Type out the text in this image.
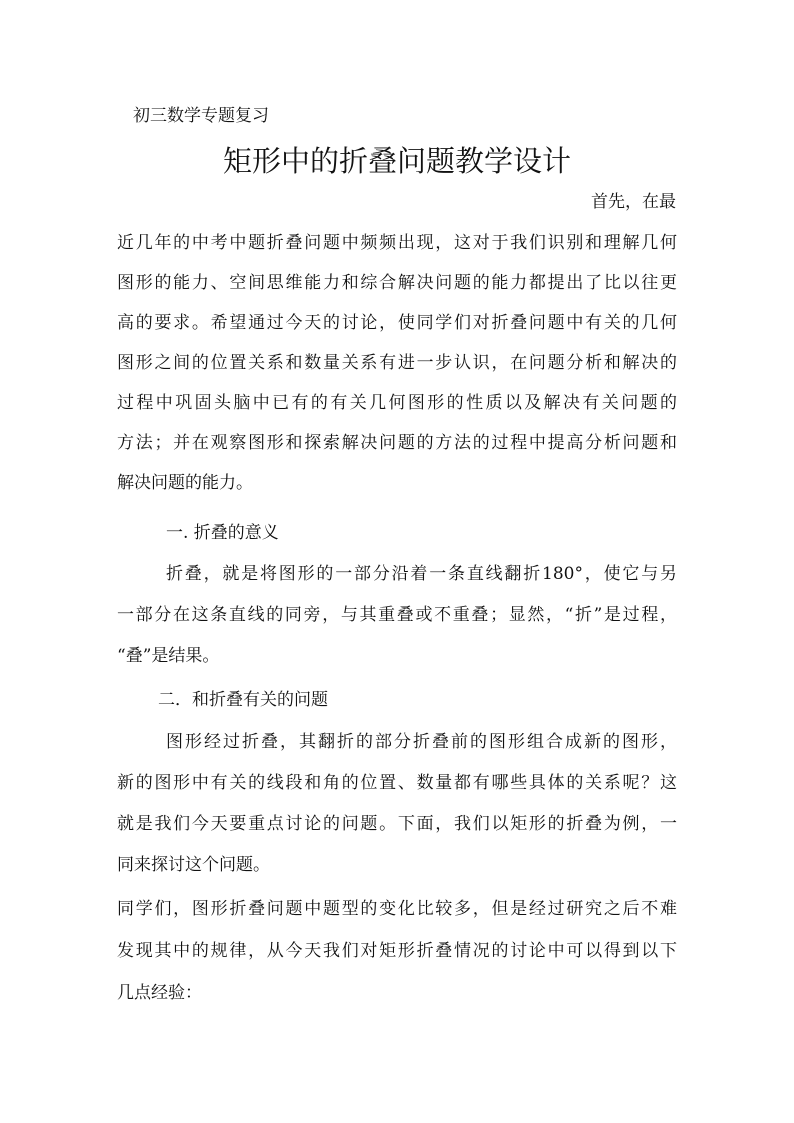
初三数学专题复习
矩形中的折叠问题教学设计
首先，在最
近几年的中考中题折叠问题中频频出现，这对于我们识别和理解几何
图形的能力、空间思维能力和综合解决问题的能力都提出了比以往更
高的要求。希望通过今天的讨论，使同学们对折叠问题中有关的几何
图形之间的位置关系和数量关系有进一步认识，在问题分析和解决的
过程中巩固头脑中已有的有关几何图形的性质以及解决有关问题的
方法；并在观察图形和探索解决问题的方法的过程中提高分析问题和
解决问题的能力。
一. 折叠的意义
折叠，就是将图形的一部分沿着一条直线翻折180°，使它与另
一部分在这条直线的同旁，与其重叠或不重叠；显然，“折”是过程，
“叠”是结果。
二．和折叠有关的问题
图形经过折叠，其翻折的部分折叠前的图形组合成新的图形，
新的图形中有关的线段和角的位置、数量都有哪些具体的关系呢？这
就是我们今天要重点讨论的问题。下面，我们以矩形的折叠为例，一
同来探讨这个问题。
同学们，图形折叠问题中题型的变化比较多，但是经过研究之后不难
发现其中的规律，从今天我们对矩形折叠情况的讨论中可以得到以下
几点经验：
